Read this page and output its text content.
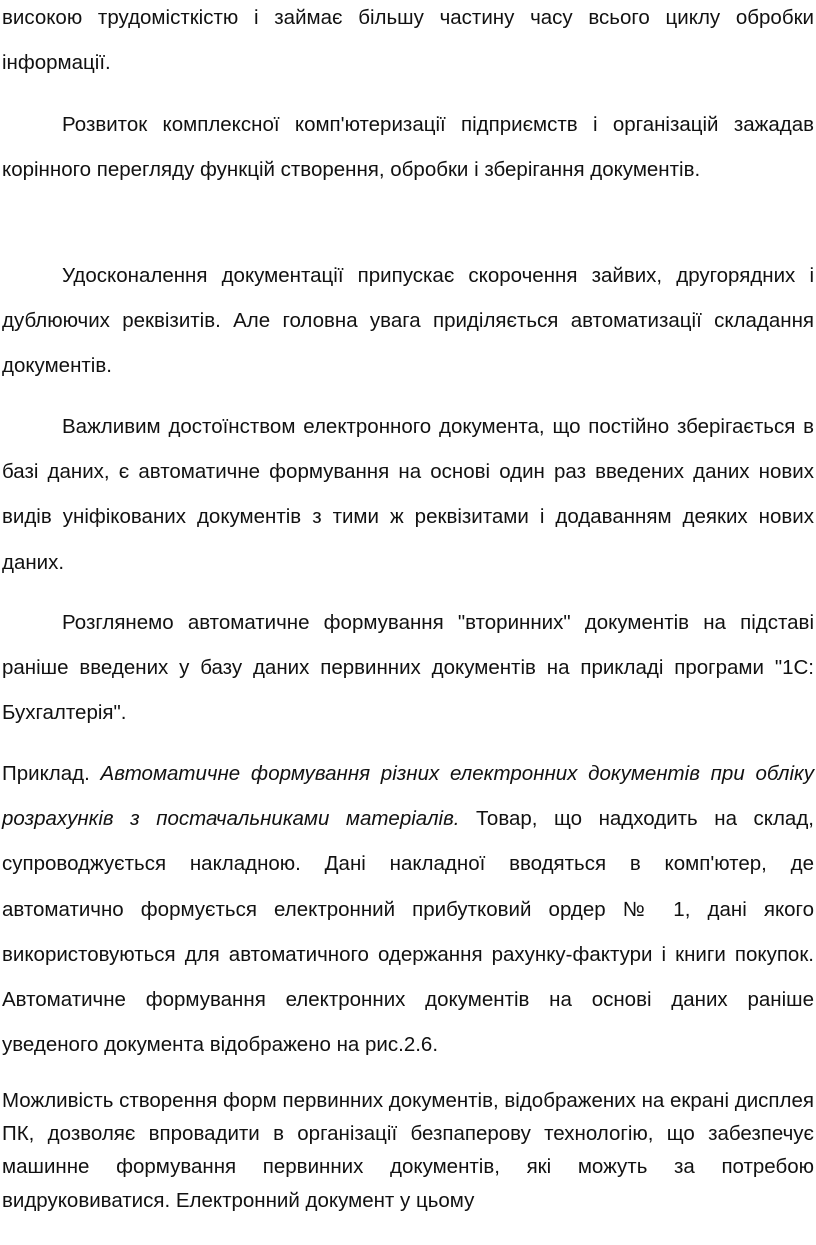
високою трудомісткістю і займає більшу частину часу всього циклу обробки інформації.

Розвиток комплексної комп'ютеризації підприємств і організацій зажадав корінного перегляду функцій створення, обробки і зберігання документів.

Удосконалення документації припускає скорочення зайвих, другорядних і дублюючих реквізитів. Але головна увага приділяється автоматизації складання документів.

Важливим достоїнством електронного документа, що постійно зберігається в базі даних, є автоматичне формування на основі один раз введених даних нових видів уніфікованих документів з тими ж реквізитами і додаванням деяких нових даних.

Розглянемо автоматичне формування "вторинних" документів на підставі раніше введених у базу даних первинних документів на прикладі програми "1С: Бухгалтерія".

Приклад. Автоматичне формування різних електронних документів при обліку розрахунків з постачальниками матеріалів. Товар, що надходить на склад, супроводжується накладною. Дані накладної вводяться в комп'ютер, де автоматично формується електронний прибутковий ордер № 1, дані якого використовуються для автоматичного одержання рахунку-фактури і книги покупок. Автоматичне формування електронних документів на основі даних раніше уведеного документа відображено на рис.2.6.

Можливість створення форм первинних документів, відображених на екрані дисплея ПК, дозволяє впровадити в організації безпаперову технологію, що забезпечує машинне формування первинних документів, які можуть за потребою видруковиватися. Електронний документ у цьому
